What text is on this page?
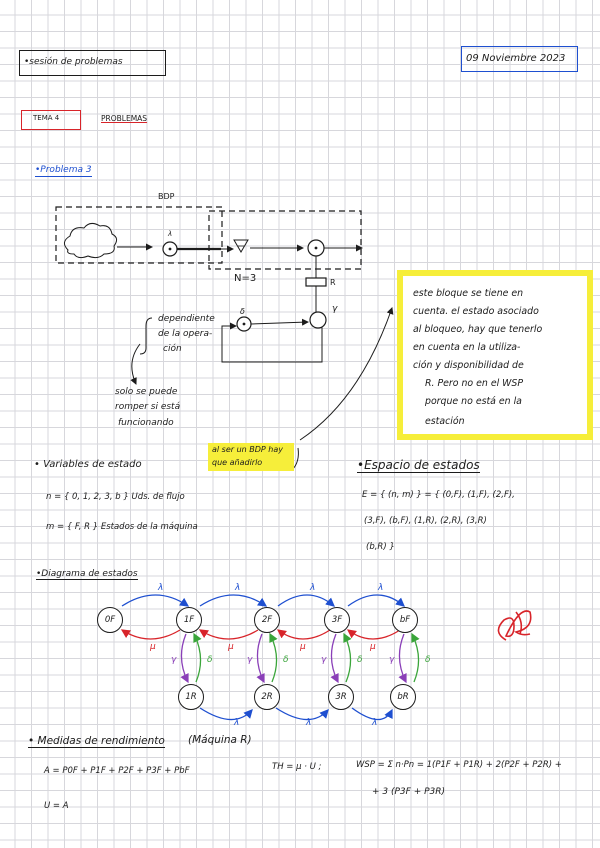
•sesión de problemas	09 Noviembre 2023
TEMA 4	PROBLEMAS
•Problema 3
BDP
λ
N=3	R
γ
δ
dependiente
de la opera-
ción
solo se puede
romper si está
funcionando
este bloque se tiene en
cuenta. el estado asociado
al bloqueo, hay que tenerlo
en cuenta en la utiliza-
ción y disponibilidad de
R. Pero no en el WSP
porque no está en la
estación
al ser un BDP hay
que añadirlo
• Variables de estado
n = { 0, 1, 2, 3, b } Uds. de flujo
m = { F, R } Estados de la máquina
•Espacio de estados
E = { (n, m) } = { (0,F), (1,F), (2,F),
(3,F), (b,F), (1,R), (2,R), (3,R)
(b,R) }
•Diagrama de estados
0F	1F	2F	3F	bF
1R	2R	3R	bR
λ	λ	λ	λ
μ	μ	μ	μ
γ	γ	γ	γ
δ	δ	δ	δ
λ	λ	λ
• Medidas de rendimiento (Máquina R)
A = P0F + P1F + P2F + P3F + PbF
U = A
TH = μ · U ;	WSP = Σ n·Pn = 1(P1F + P1R) + 2(P2F + P2R) +
+ 3 (P3F + P3R)
